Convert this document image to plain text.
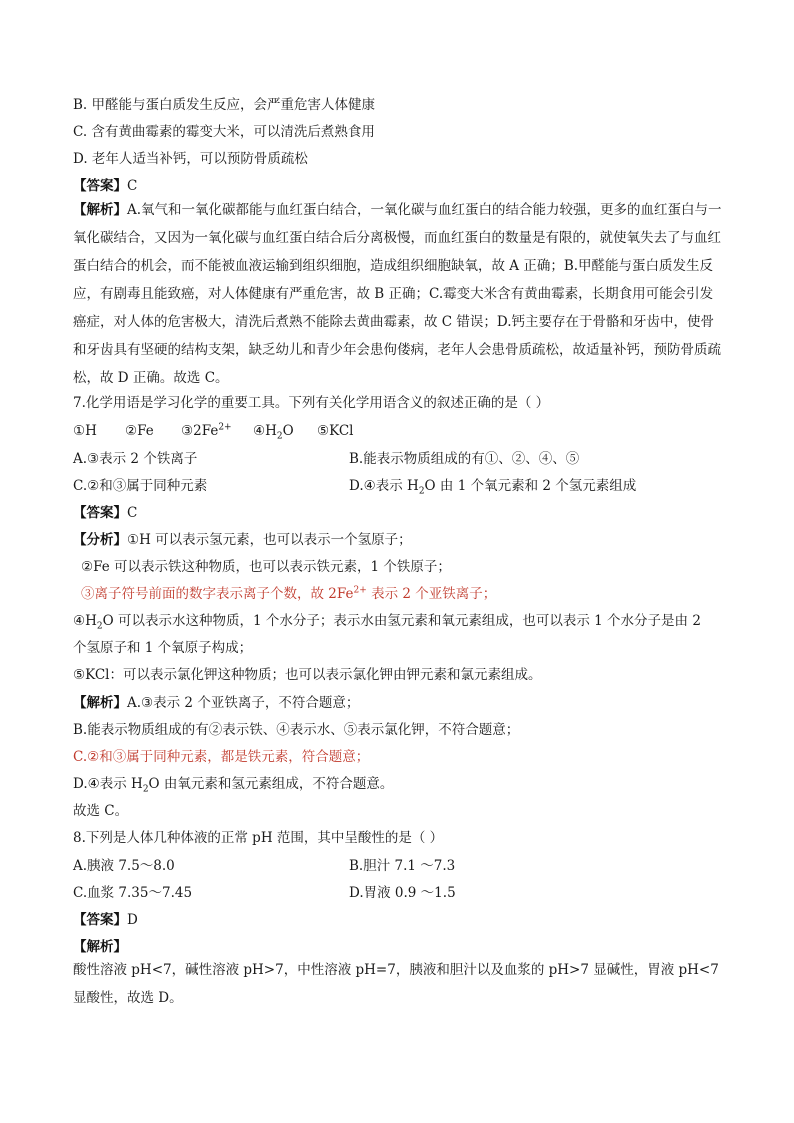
B. 甲醛能与蛋白质发生反应，会严重危害人体健康
C. 含有黄曲霉素的霉变大米，可以清洗后煮熟食用
D. 老年人适当补钙，可以预防骨质疏松
【答案】C
【解析】A.氧气和一氧化碳都能与血红蛋白结合，一氧化碳与血红蛋白的结合能力较强，更多的血红蛋白与一氧化碳结合，又因为一氧化碳与血红蛋白结合后分离极慢，而血红蛋白的数量是有限的，就使氧失去了与血红蛋白结合的机会，而不能被血液运输到组织细胞，造成组织细胞缺氧，故 A 正确；B.甲醛能与蛋白质发生反应，有剧毒且能致癌，对人体健康有严重危害，故 B 正确；C.霉变大米含有黄曲霉素，长期食用可能会引发癌症，对人体的危害极大，清洗后煮熟不能除去黄曲霉素，故 C 错误；D.钙主要存在于骨骼和牙齿中，使骨和牙齿具有坚硬的结构支架，缺乏幼儿和青少年会患佝偻病，老年人会患骨质疏松，故适量补钙，预防骨质疏松，故 D 正确。故选 C。
7.化学用语是学习化学的重要工具。下列有关化学用语含义的叙述正确的是（ ）
①H ②Fe $③2Fe^{2+}$ $④H_2O$ ⑤KCl
A.③表示 2 个铁离子	B.能表示物质组成的有①、②、④、⑤
C.②和③属于同种元素	D.④表示 $H_2O$ 由 1 个氧元素和 2 个氢元素组成
【答案】C
【分析】①H 可以表示氢元素，也可以表示一个氢原子；
②Fe 可以表示铁这种物质，也可以表示铁元素，1 个铁原子；
③离子符号前面的数字表示离子个数，故 $2Fe^{2+}$ 表示 2 个亚铁离子；
$④H_2O$ 可以表示水这种物质，1 个水分子；表示水由氢元素和氧元素组成，也可以表示 1 个水分子是由 2
个氢原子和 1 个氧原子构成；
⑤KCl：可以表示氯化钾这种物质；也可以表示氯化钾由钾元素和氯元素组成。
【解析】A.③表示 2 个亚铁离子，不符合题意；
B.能表示物质组成的有②表示铁、④表示水、⑤表示氯化钾，不符合题意；
C.②和③属于同种元素，都是铁元素，符合题意；
D.④表示 $H_2O$ 由氧元素和氢元素组成，不符合题意。
故选 C。
8.下列是人体几种体液的正常 pH 范围，其中呈酸性的是（ ）
A.胰液 7.5～8.0	B.胆汁 7.1 ～7.3
C.血浆 7.35～7.45	D.胃液 0.9 ～1.5
【答案】D
【解析】
酸性溶液 pH<7，碱性溶液 pH>7，中性溶液 pH=7，胰液和胆汁以及血浆的 pH>7 显碱性，胃液 pH<7 显酸性，故选 D。
